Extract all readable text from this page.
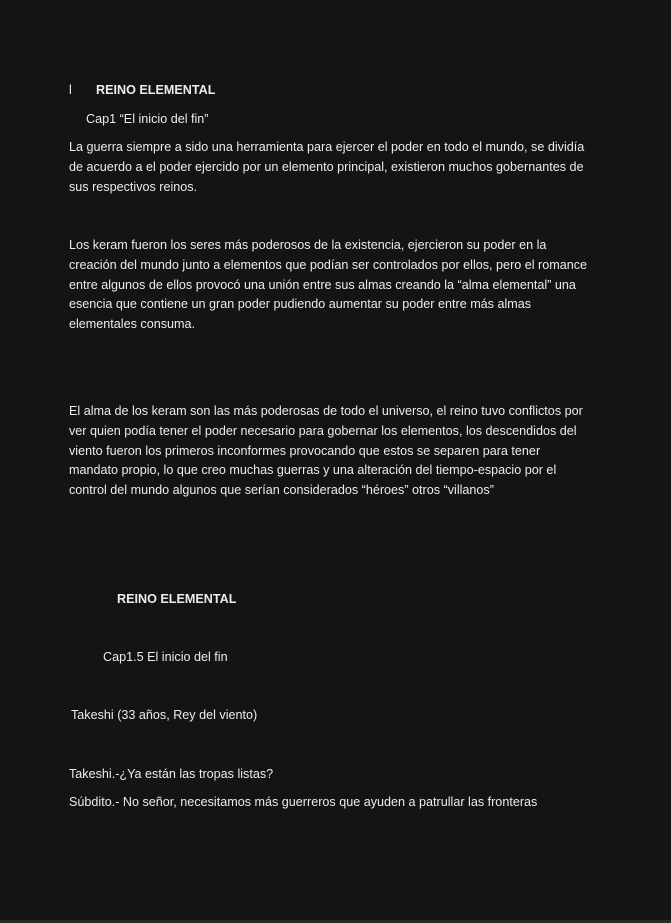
l REINO ELEMENTAL
Cap1 “El inicio del fin”

La guerra siempre a sido una herramienta para ejercer el poder en todo el mundo, se dividía de acuerdo a el poder ejercido por un elemento principal, existieron muchos gobernantes de sus respectivos reinos.

Los keram fueron los seres más poderosos de la existencia, ejercieron su poder en la creación del mundo junto a elementos que podían ser controlados por ellos, pero el romance entre algunos de ellos provocó una unión entre sus almas creando la “alma elemental” una esencia que contiene un gran poder pudiendo aumentar su poder entre más almas elementales consuma.

El alma de los keram son las más poderosas de todo el universo, el reino tuvo conflictos por ver quien podía tener el poder necesario para gobernar los elementos, los descendidos del viento fueron los primeros inconformes provocando que estos se separen para tener mandato propio, lo que creo muchas guerras y una alteración del tiempo-espacio por el control del mundo algunos que serían considerados “héroes” otros “villanos”

REINO ELEMENTAL
Cap1.5 El inicio del fin
Takeshi (33 años, Rey del viento)
Takeshi.-¿Ya están las tropas listas?
Súbdito.- No señor, necesitamos más guerreros que ayuden a patrullar las fronteras
